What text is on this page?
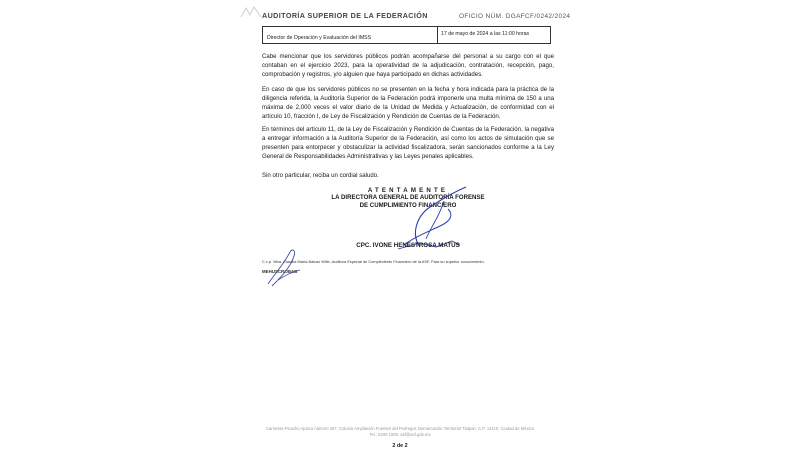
AUDITORÍA SUPERIOR DE LA FEDERACIÓN	OFICIO NÚM. DGAFCF/0242/2024
Director de Operación y Evaluación del IMSS
17 de mayo de 2024 a las 11:00 horas

Cabe mencionar que los servidores públicos podrán acompañarse del personal a su cargo con el que contaban en el ejercicio 2023, para la operatividad de la adjudicación, contratación, recepción, pago, comprobación y registros, y/o alguien que haya participado en dichas actividades.

En caso de que los servidores públicos no se presenten en la fecha y hora indicada para la práctica de la diligencia referida, la Auditoría Superior de la Federación podrá imponerle una multa mínima de 150 a una máxima de 2,000 veces el valor diario de la Unidad de Medida y Actualización, de conformidad con el artículo 10, fracción I, de Ley de Fiscalización y Rendición de Cuentas de la Federación.

En términos del artículo 11, de la Ley de Fiscalización y Rendición de Cuentas de la Federación, la negativa a entregar información a la Auditoría Superior de la Federación, así como los actos de simulación que se presenten para entorpecer y obstaculizar la actividad fiscalizadora, serán sancionados conforme a la Ley General de Responsabilidades Administrativas y las Leyes penales aplicables.

Sin otro particular, reciba un cordial saludo.

ATENTAMENTE
LA DIRECTORA GENERAL DE AUDITORÍA FORENSE
DE CUMPLIMIENTO FINANCIERO
CPC. IVONE HENESTROSA MATUS
C.c.p. Mtra. Claudia María Balcaz Wille, Auditora Especial de Cumplimiento Financiero de la ASF. Para su superior conocimiento.
MEHUSCR/JBAB
Carretera Picacho Ajusco número 167, Colonia Ampliación Fuentes del Pedregal, Demarcación Territorial Tlalpan, C.P. 14110, Ciudad de México
Tel.: 5200 1500, asf@asf.gob.mx
2 de 2
